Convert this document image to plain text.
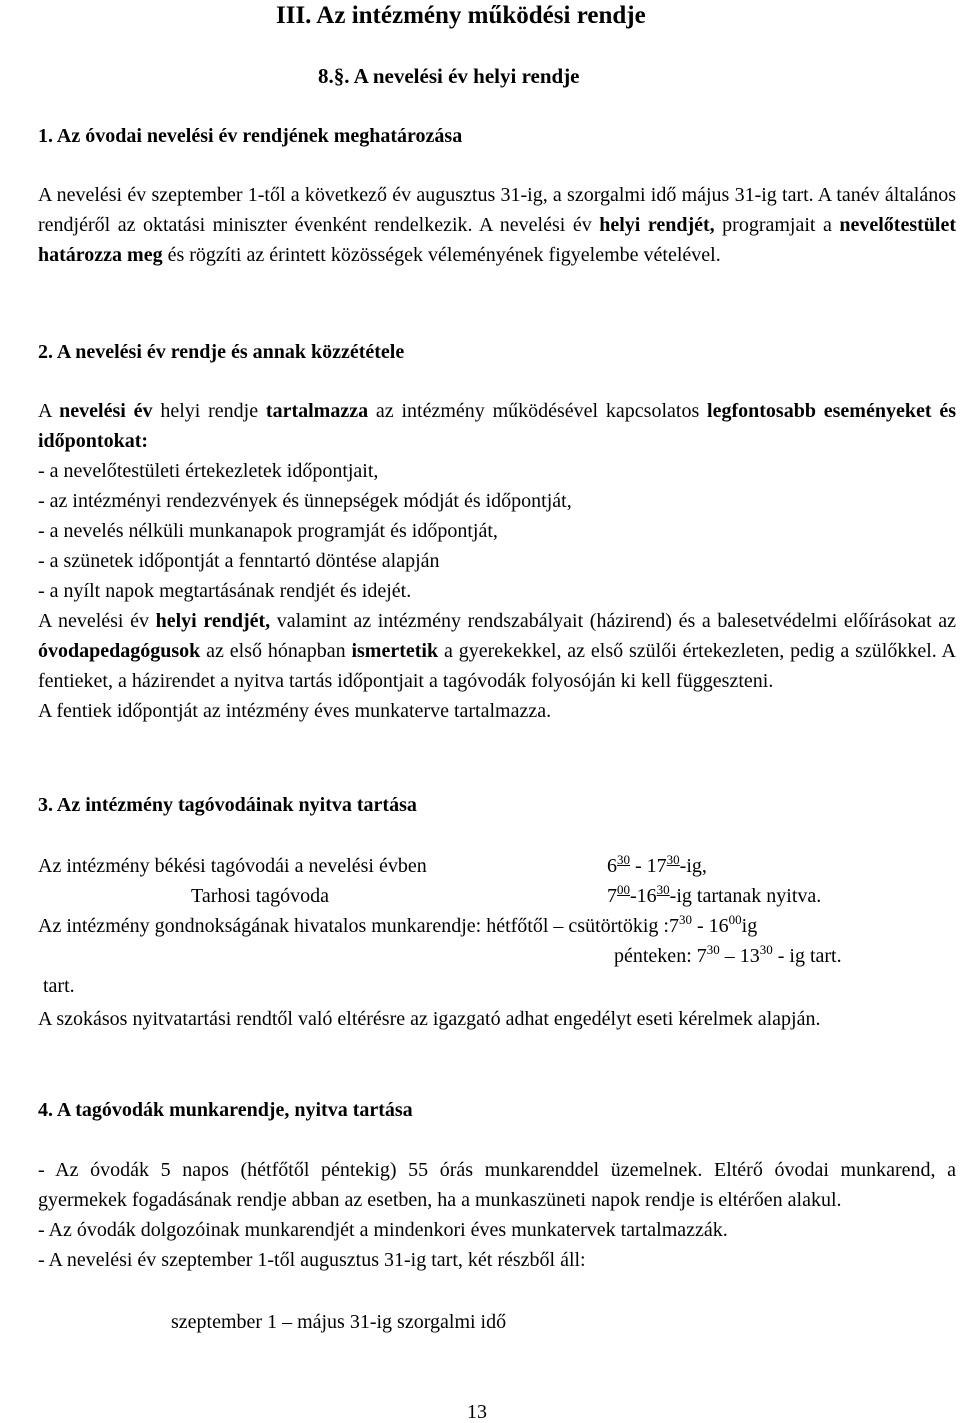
III. Az intézmény működési rendje
8.§. A nevelési év helyi rendje
1. Az óvodai nevelési év rendjének meghatározása

A nevelési év szeptember 1-től a következő év augusztus 31-ig, a szorgalmi idő május 31-ig tart. A tanév általános rendjéről az oktatási miniszter évenként rendelkezik. A nevelési év helyi rendjét, programjait a nevelőtestület határozza meg és rögzíti az érintett közösségek véleményének figyelembe vételével.

2. A nevelési év rendje és annak közzététele

A nevelési év helyi rendje tartalmazza az intézmény működésével kapcsolatos legfontosabb eseményeket és időpontokat:

- a nevelőtestületi értekezletek időpontjait,

- az intézményi rendezvények és ünnepségek módját és időpontját,

- a nevelés nélküli munkanapok programját és időpontját,

- a szünetek időpontját a fenntartó döntése alapján

- a nyílt napok megtartásának rendjét és idejét.

A nevelési év helyi rendjét, valamint az intézmény rendszabályait (házirend) és a balesetvédelmi előírásokat az óvodapedagógusok az első hónapban ismertetik a gyerekekkel, az első szülői értekezleten, pedig a szülőkkel. A fentieket, a házirendet a nyitva tartás időpontjait a tagóvodák folyosóján ki kell függeszteni.

A fentiek időpontját az intézmény éves munkaterve tartalmazza.

3. Az intézmény tagóvodáinak nyitva tartása
Az intézmény békési tagóvodái a nevelési évben	$6^{30} - 17^{30}-ig$,
Tarhosi tagóvoda	$7^{00}-16^{30}-ig$ tartanak nyitva.
Az intézmény gondnokságának hivatalos munkarendje: hétfőtől – csütörtökig $:7^{30} - 16^{00}ig$
pénteken: $7^{30} - 13^{30}$ - ig tart.
tart.

A szokásos nyitvatartási rendtől való eltérésre az igazgató adhat engedélyt eseti kérelmek alapján.

4. A tagóvodák munkarendje, nyitva tartása

- Az óvodák 5 napos (hétfőtől péntekig) 55 órás munkarenddel üzemelnek. Eltérő óvodai munkarend, a gyermekek fogadásának rendje abban az esetben, ha a munkaszüneti napok rendje is eltérően alakul.

- Az óvodák dolgozóinak munkarendjét a mindenkori éves munkatervek tartalmazzák.

- A nevelési év szeptember 1-től augusztus 31-ig tart, két részből áll:

szeptember 1 – május 31-ig szorgalmi idő
13
